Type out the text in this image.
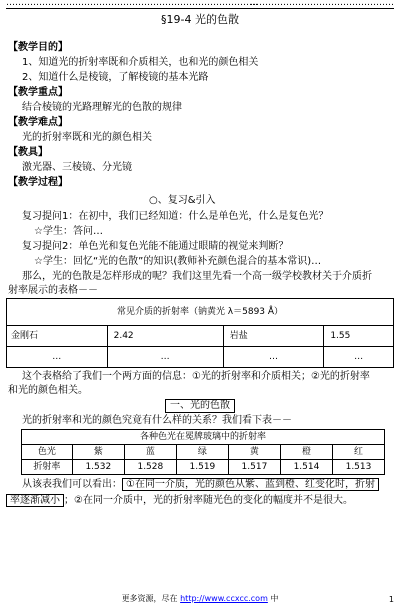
…………………………………………………………………………
…………………………………………
§19-4 光的色散
【教学目的】
1、知道光的折射率既和介质相关，也和光的颜色相关
2、知道什么是棱镜，了解棱镜的基本光路
【教学重点】
结合棱镜的光路理解光的色散的规律
【教学难点】
光的折射率既和光的颜色相关
【教具】
激光器、三棱镜、分光镜
【教学过程】
○、复习&引入
复习提问1：在初中，我们已经知道：什么是单色光，什么是复色光？
☆学生：答问…
复习提问2：单色光和复色光能不能通过眼睛的视觉来判断？
☆学生：回忆“光的色散”的知识(教师补充颜色混合的基本常识)…
那么，光的色散是怎样形成的呢？我们这里先看一个高一级学校教材关于介质折
射率展示的表格－－
常见介质的折射率（钠黄光 λ＝5893 Å）			
金刚石	2.42	岩盐	1.55
…	…	…	…
这个表格给了我们一个两方面的信息：①光的折射率和介质相关；②光的折射率
和光的颜色相关。
一、光的色散
光的折射率和光的颜色究竟有什么样的关系？我们看下表－－
各种色光在冕牌玻璃中的折射率						
色光	紫	蓝	绿	黄	橙	红
折射率	1.532	1.528	1.519	1.517	1.514	1.513
从该表我们可以看出： ①在同一介质，光的颜色从紫、蓝到橙、红变化时，折射
率逐渐减小 ；②在同一介质中，光的折射率随光色的变化的幅度并不是很大。
更多资源，尽在 http://www.ccxcc.com 中	1
